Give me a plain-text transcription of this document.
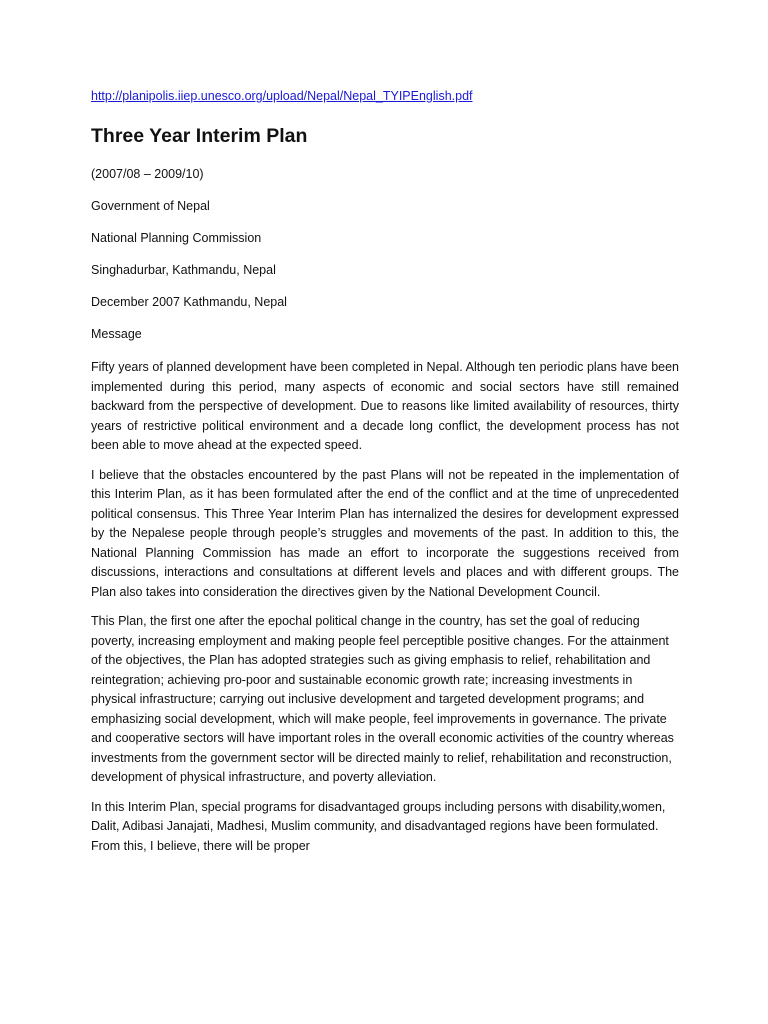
http://planipolis.iiep.unesco.org/upload/Nepal/Nepal_TYIPEnglish.pdf
Three Year Interim Plan
(2007/08 – 2009/10)
Government of Nepal
National Planning Commission
Singhadurbar, Kathmandu, Nepal
December 2007 Kathmandu, Nepal
Message

Fifty years of planned development have been completed in Nepal. Although ten periodic plans have been implemented during this period, many aspects of economic and social sectors have still remained backward from the perspective of development. Due to reasons like limited availability of resources, thirty years of restrictive political environment and a decade long conflict, the development process has not been able to move ahead at the expected speed.

I believe that the obstacles encountered by the past Plans will not be repeated in the implementation of this Interim Plan, as it has been formulated after the end of the conflict and at the time of unprecedented political consensus. This Three Year Interim Plan has internalized the desires for development expressed by the Nepalese people through people’s struggles and movements of the past. In addition to this, the National Planning Commission has made an effort to incorporate the suggestions received from discussions, interactions and consultations at different levels and places and with different groups. The Plan also takes into consideration the directives given by the National Development Council.

This Plan, the first one after the epochal political change in the country, has set the goal of reducing poverty, increasing employment and making people feel perceptible positive changes. For the attainment of the objectives, the Plan has adopted strategies such as giving emphasis to relief, rehabilitation and reintegration; achieving pro-poor and sustainable economic growth rate; increasing investments in physical infrastructure; carrying out inclusive development and targeted development programs; and emphasizing social development, which will make people, feel improvements in governance. The private and cooperative sectors will have important roles in the overall economic activities of the country whereas investments from the government sector will be directed mainly to relief, rehabilitation and reconstruction, development of physical infrastructure, and poverty alleviation.

In this Interim Plan, special programs for disadvantaged groups including persons with disability,women, Dalit, Adibasi Janajati, Madhesi, Muslim community, and disadvantaged regions have been formulated. From this, I believe, there will be proper
